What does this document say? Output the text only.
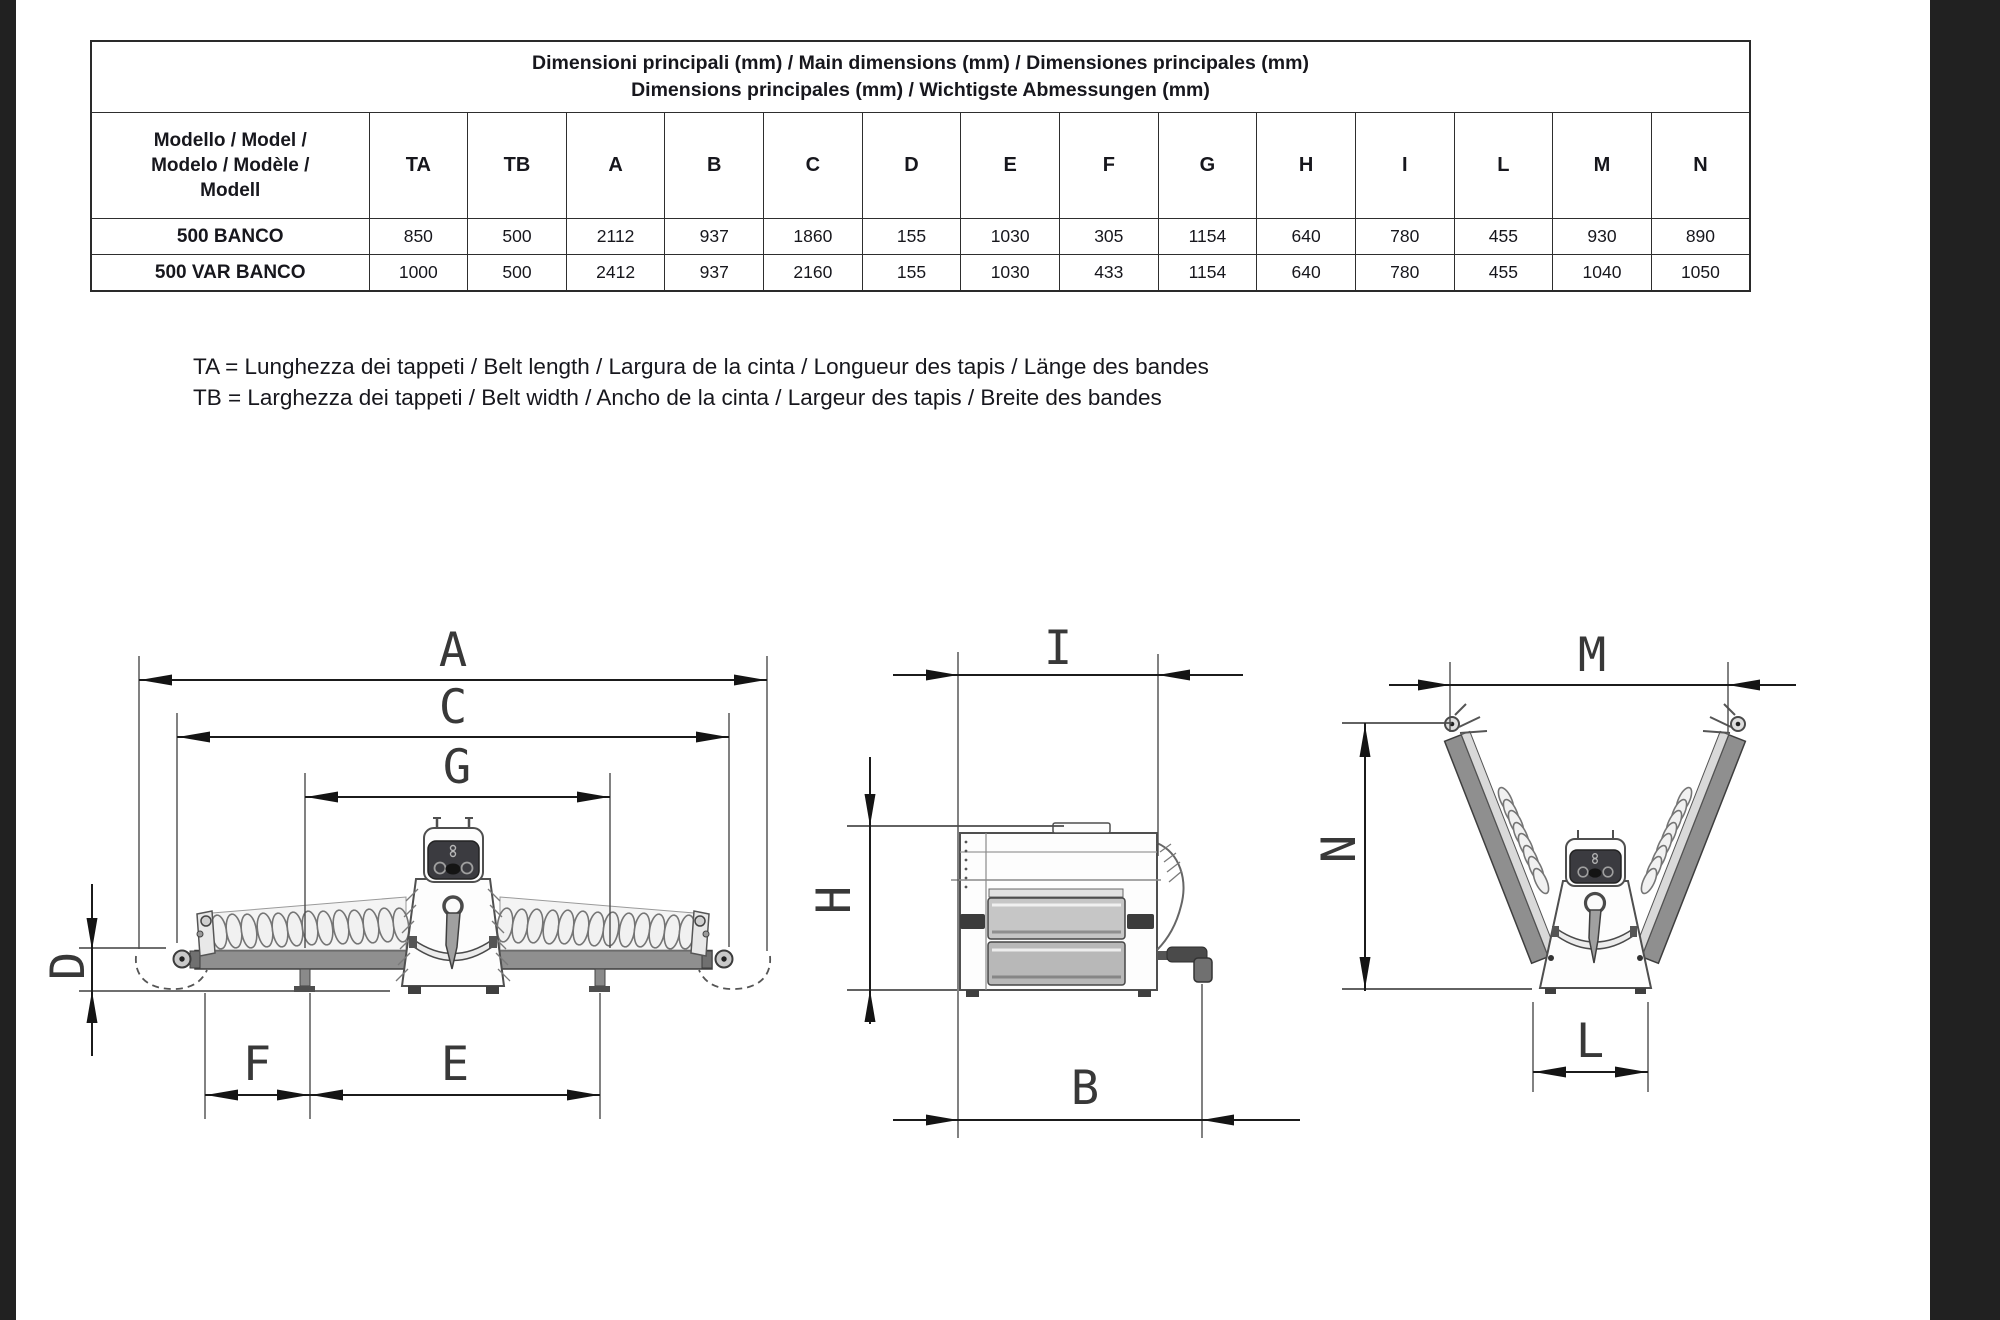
Dimensioni principali (mm) / Main dimensions (mm) / Dimensiones principales (mm)
Dimensions principales (mm) / Wichtigste Abmessungen (mm)														

Modello / Model /
Modelo / Modèle /
Modell	TA	TB	A	B	C	D	E	F	G	H	I	L	M	N
500 BANCO	850	500	2112	937	1860	155	1030	305	1154	640	780	455	930	890
500 VAR BANCO	1000	500	2412	937	2160	155	1030	433	1154	640	780	455	1040	1050
TA = Lunghezza dei tappeti / Belt length / Largura de la cinta / Longueur des tapis / Länge des bandes
TB = Larghezza dei tappeti / Belt width / Ancho de la cinta / Largeur des tapis / Breite des bandes
A
C
G
D
F	E
I
H
B
M
N
L
